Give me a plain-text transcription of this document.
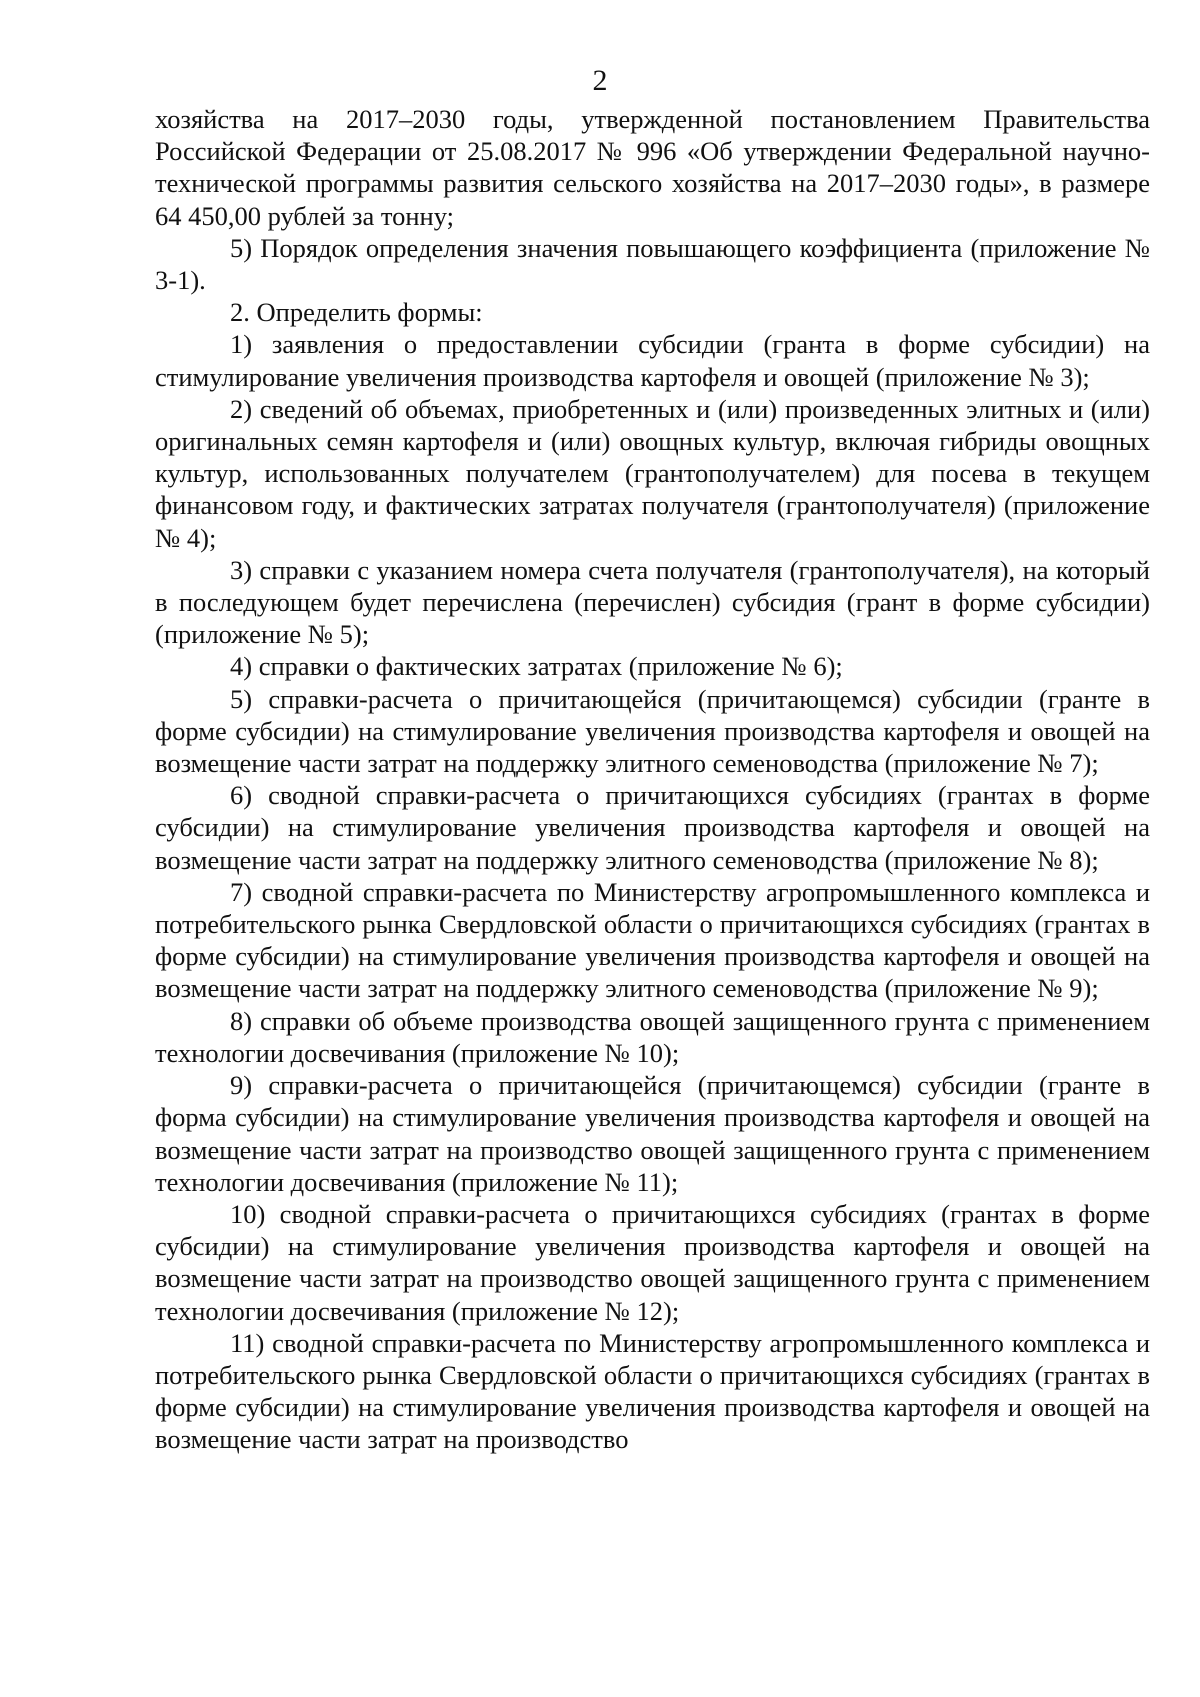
2

хозяйства на 2017–2030 годы, утвержденной постановлением Правительства Российской Федерации от 25.08.2017 № 996 «Об утверждении Федеральной научно-технической программы развития сельского хозяйства на 2017–2030 годы», в размере 64 450,00 рублей за тонну;

5) Порядок определения значения повышающего коэффициента (приложение № 3-1).

2. Определить формы:

1) заявления о предоставлении субсидии (гранта в форме субсидии) на стимулирование увеличения производства картофеля и овощей (приложение № 3);

2) сведений об объемах, приобретенных и (или) произведенных элитных и (или) оригинальных семян картофеля и (или) овощных культур, включая гибриды овощных культур, использованных получателем (грантополучателем) для посева в текущем финансовом году, и фактических затратах получателя (грантополучателя) (приложение № 4);

3) справки с указанием номера счета получателя (грантополучателя), на который в последующем будет перечислена (перечислен) субсидия (грант в форме субсидии) (приложение № 5);

4) справки о фактических затратах (приложение № 6);

5) справки-расчета о причитающейся (причитающемся) субсидии (гранте в форме субсидии) на стимулирование увеличения производства картофеля и овощей на возмещение части затрат на поддержку элитного семеноводства (приложение № 7);

6) сводной справки-расчета о причитающихся субсидиях (грантах в форме субсидии) на стимулирование увеличения производства картофеля и овощей на возмещение части затрат на поддержку элитного семеноводства (приложение № 8);

7) сводной справки-расчета по Министерству агропромышленного комплекса и потребительского рынка Свердловской области о причитающихся субсидиях (грантах в форме субсидии) на стимулирование увеличения производства картофеля и овощей на возмещение части затрат на поддержку элитного семеноводства (приложение № 9);

8) справки об объеме производства овощей защищенного грунта с применением технологии досвечивания (приложение № 10);

9) справки-расчета о причитающейся (причитающемся) субсидии (гранте в форма субсидии) на стимулирование увеличения производства картофеля и овощей на возмещение части затрат на производство овощей защищенного грунта с применением технологии досвечивания (приложение № 11);

10) сводной справки-расчета о причитающихся субсидиях (грантах в форме субсидии) на стимулирование увеличения производства картофеля и овощей на возмещение части затрат на производство овощей защищенного грунта с применением технологии досвечивания (приложение № 12);

11) сводной справки-расчета по Министерству агропромышленного комплекса и потребительского рынка Свердловской области о причитающихся субсидиях (грантах в форме субсидии) на стимулирование увеличения производства картофеля и овощей на возмещение части затрат на производство
